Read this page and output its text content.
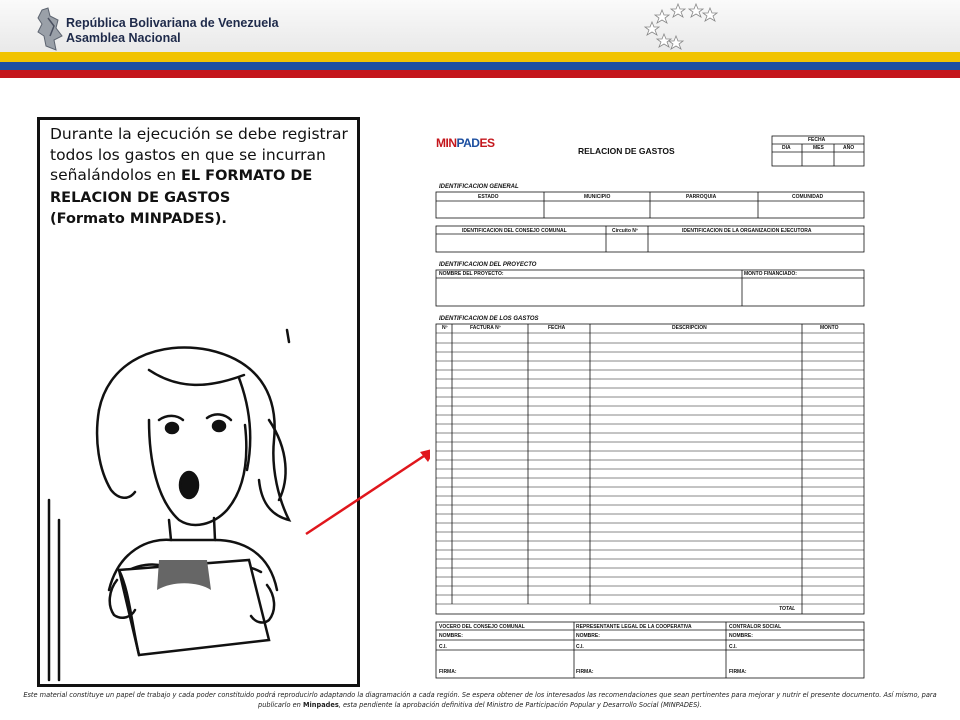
República Bolivariana de Venezuela
Asamblea Nacional
Durante la ejecución se debe registrar todos los gastos en que se incurran señalándolos en EL FORMATO DE RELACION DE GASTOS
(Formato MINPADES).
MINPADES
RELACION DE GASTOS
FECHA
DIA	MES	AÑO
IDENTIFICACION GENERAL
ESTADO	MUNICIPIO	PARROQUIA	COMUNIDAD
IDENTIFICACION DEL CONSEJO COMUNAL	Circuito Nº	IDENTIFICACION DE LA ORGANIZACION EJECUTORA
IDENTIFICACION DEL PROYECTO
NOMBRE DEL PROYECTO:	MONTO FINANCIADO:
IDENTIFICACION DE LOS GASTOS
Nº	FACTURA Nº	FECHA	DESCRIPCION	MONTO
TOTAL
VOCERO DEL CONSEJO COMUNAL	REPRESENTANTE LEGAL DE LA COOPERATIVA	CONTRALOR SOCIAL
NOMBRE:	NOMBRE:	NOMBRE:
C.I.	C.I.	C.I.
FIRMA:	FIRMA:	FIRMA:
Este material constituye un papel de trabajo y cada poder constituido podrá reproducirlo adaptando la diagramación a cada región. Se espera obtener de los interesados las recomendaciones que sean pertinentes para mejorar y nutrir el presente documento. Así mismo, para
publicarlo en Minpades, esta pendiente la aprobación definitiva del Ministro de Participación Popular y Desarrollo Social (MINPADES).
